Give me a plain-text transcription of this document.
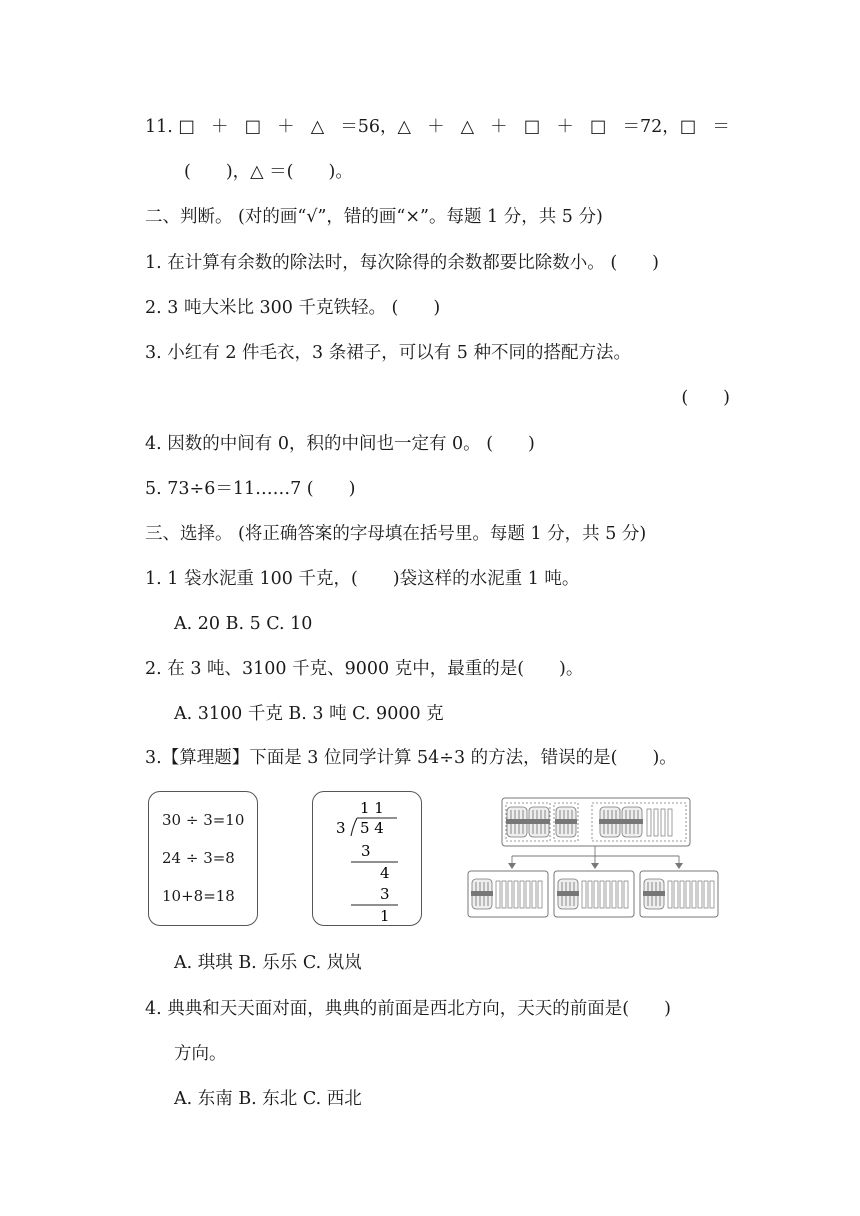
11. □ ＋ □ ＋ △ ＝56，△ ＋ △ ＋ □ ＋ □ ＝72，□ ＝
(　　)，△ ＝(　　)。
二、判断。 (对的画“√”，错的画“×”。每题 1 分，共 5 分)
1. 在计算有余数的除法时，每次除得的余数都要比除数小。 (　　)
2. 3 吨大米比 300 千克铁轻。 (　　)
3. 小红有 2 件毛衣，3 条裙子，可以有 5 种不同的搭配方法。
(　　)
4. 因数的中间有 0，积的中间也一定有 0。 (　　)
5. 73÷6＝11……7 (　　)
三、选择。 (将正确答案的字母填在括号里。每题 1 分，共 5 分)
1. 1 袋水泥重 100 千克，(　　)袋这样的水泥重 1 吨。
A. 20 B. 5 C. 10
2. 在 3 吨、3100 千克、9000 克中，最重的是(　　)。
A. 3100 千克 B. 3 吨 C. 9000 克
3.【算理题】下面是 3 位同学计算 54÷3 的方法，错误的是(　　)。
30 ÷ 3=10
24 ÷ 3=8
10+8=18
1 1
3 5 4
3
4
3
1
A. 琪琪 B. 乐乐 C. 岚岚
4. 典典和天天面对面，典典的前面是西北方向，天天的前面是(　　)
方向。
A. 东南 B. 东北 C. 西北
